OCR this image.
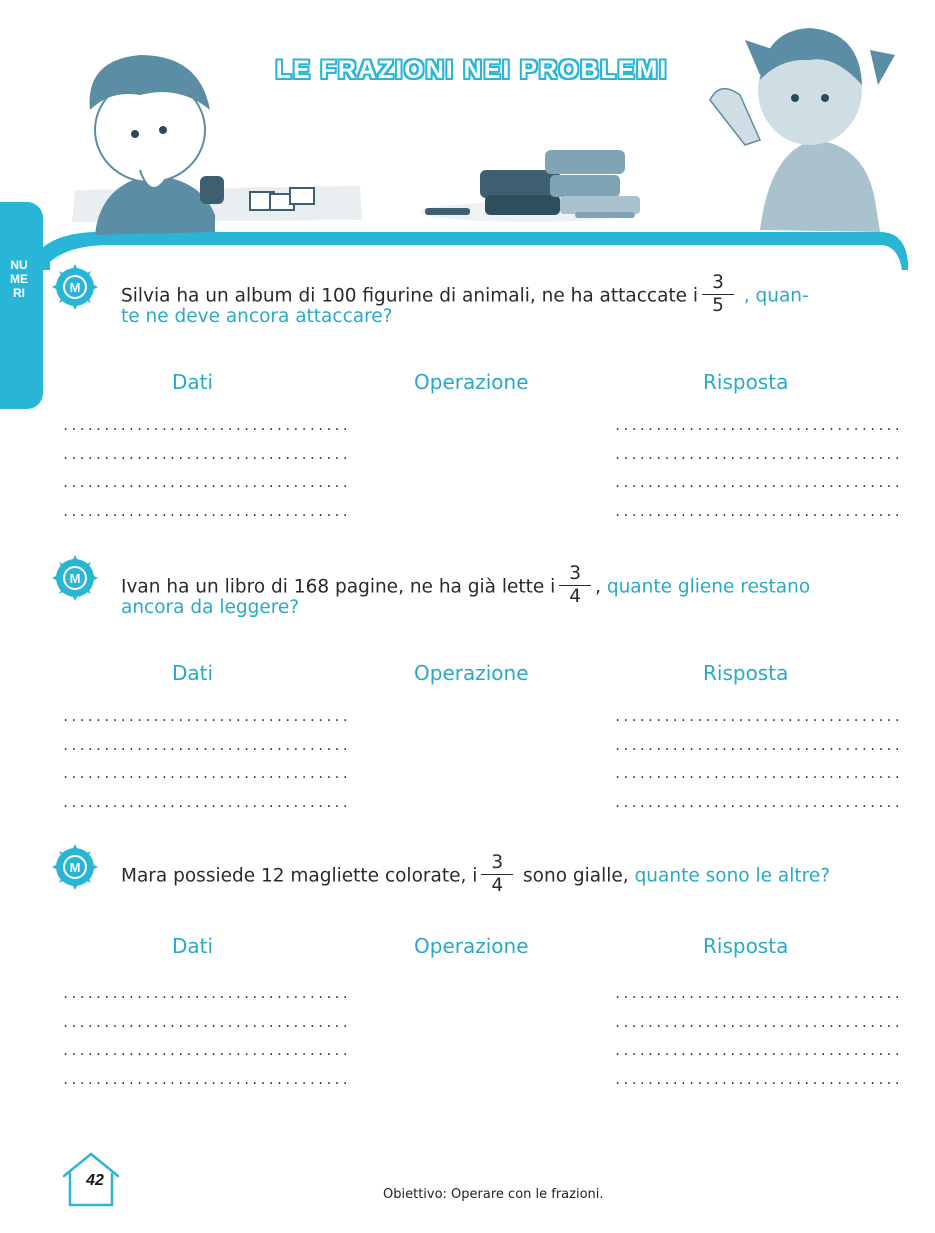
LE FRAZIONI NEI PROBLEMI
NUMERI	M Silvia ha un album di 100 figurine di animali, ne ha attaccate i $\frac{3}{5}$ , quan-
te ne deve ancora attaccare?
Dati	Operazione	Risposta
...................................
...................................
...................................
...................................
...................................
...................................
...................................
...................................
M Ivan ha un libro di 168 pagine, ne ha già lette i $\frac{3}{4}$ , quante gliene restano
ancora da leggere?
Dati	Operazione	Risposta
...................................
...................................
...................................
...................................
...................................
...................................
...................................
...................................
M Mara possiede 12 magliette colorate, i $\frac{3}{4}$ sono gialle, quante sono le altre?
Dati	Operazione	Risposta
...................................
...................................
...................................
...................................
...................................
...................................
...................................
...................................
42
Obiettivo: Operare con le frazioni.
